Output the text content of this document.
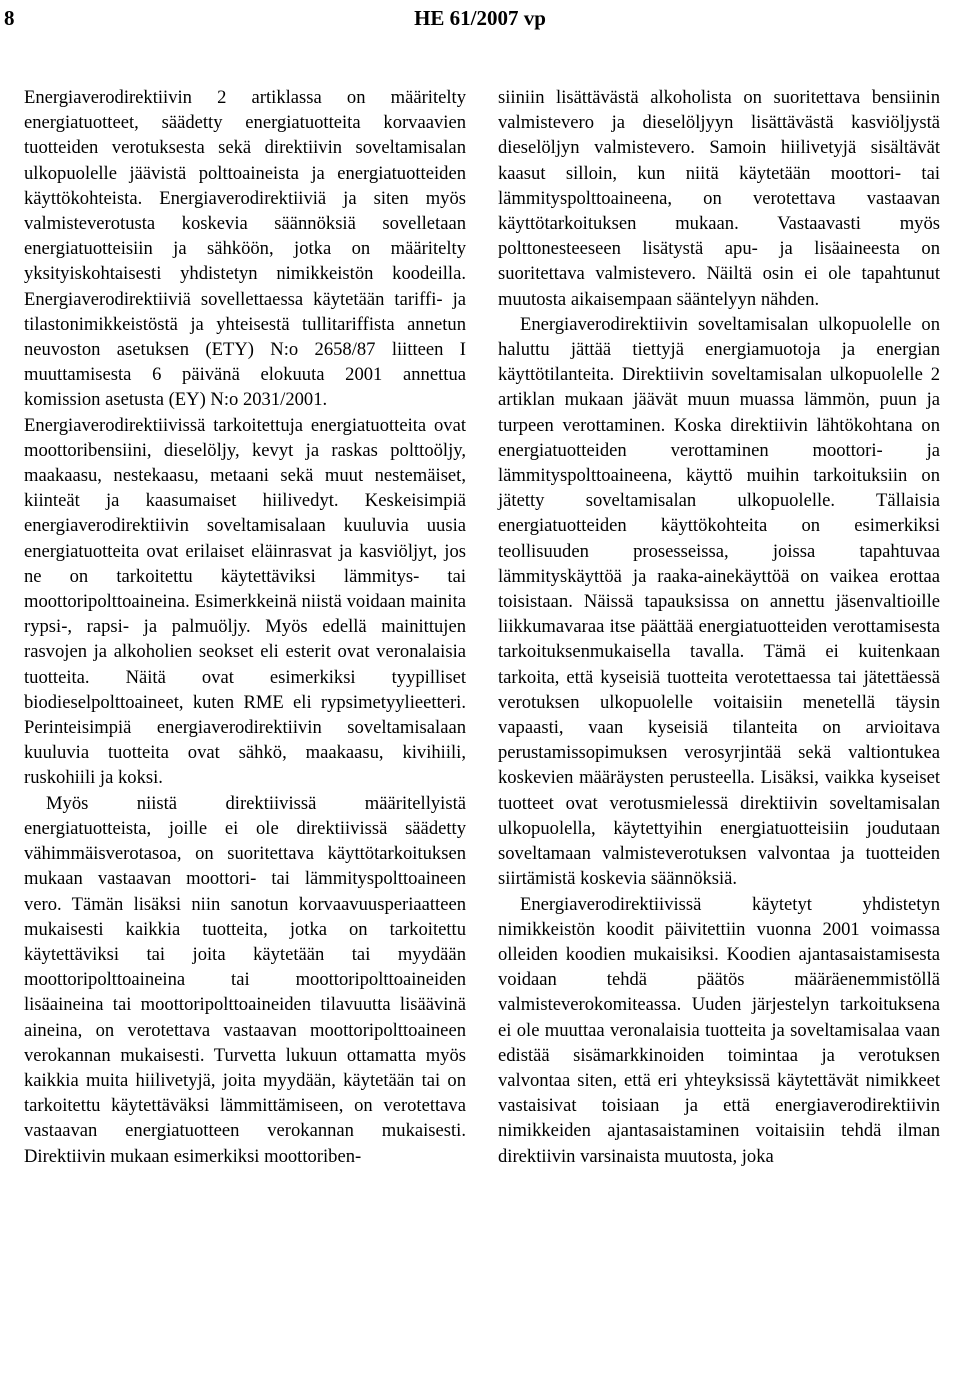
8	HE 61/2007 vp

Energiaverodirektiivin 2 artiklassa on määritelty energiatuotteet, säädetty energiatuotteita korvaavien tuotteiden verotuksesta sekä direktiivin soveltamisalan ulkopuolelle jäävistä polttoaineista ja energiatuotteiden käyttökohteista. Energiaverodirektiiviä ja siten myös valmisteverotusta koskevia säännöksiä sovelletaan energiatuotteisiin ja sähköön, jotka on määritelty yksityiskohtaisesti yhdistetyn nimikkeistön koodeilla. Energiaverodirektiiviä sovellettaessa käytetään tariffi- ja tilastonimikkeistöstä ja yhteisestä tullitariffista annetun neuvoston asetuksen (ETY) N:o 2658/87 liitteen I muuttamisesta 6 päivänä elokuuta 2001 annettua komission asetusta (EY) N:o 2031/2001.

Energiaverodirektiivissä tarkoitettuja energiatuotteita ovat moottoribensiini, dieselöljy, kevyt ja raskas polttoöljy, maakaasu, nestekaasu, metaani sekä muut nestemäiset, kiinteät ja kaasumaiset hiilivedyt. Keskeisimpiä energiaverodirektiivin soveltamisalaan kuuluvia uusia energiatuotteita ovat erilaiset eläinrasvat ja kasviöljyt, jos ne on tarkoitettu käytettäviksi lämmitys- tai moottoripolttoaineina. Esimerkkeinä niistä voidaan mainita rypsi-, rapsi- ja palmuöljy. Myös edellä mainittujen rasvojen ja alkoholien seokset eli esterit ovat veronalaisia tuotteita. Näitä ovat esimerkiksi tyypilliset biodieselpolttoaineet, kuten RME eli rypsimetyylieetteri. Perinteisimpiä energiaverodirektiivin soveltamisalaan kuuluvia tuotteita ovat sähkö, maakaasu, kivihiili, ruskohiili ja koksi.

Myös niistä direktiivissä määritellyistä energiatuotteista, joille ei ole direktiivissä säädetty vähimmäisverotasoa, on suoritettava käyttötarkoituksen mukaan vastaavan moottori- tai lämmityspolttoaineen vero. Tämän lisäksi niin sanotun korvaavuusperiaatteen mukaisesti kaikkia tuotteita, jotka on tarkoitettu käytettäviksi tai joita käytetään tai myydään moottoripolttoaineina tai moottoripolttoaineiden lisäaineina tai moottoripolttoaineiden tilavuutta lisäävinä aineina, on verotettava vastaavan moottoripolttoaineen verokannan mukaisesti. Turvetta lukuun ottamatta myös kaikkia muita hiilivetyjä, joita myydään, käytetään tai on tarkoitettu käytettäväksi lämmittämiseen, on verotettava vastaavan energiatuotteen verokannan mukaisesti. Direktiivin mukaan esimerkiksi moottoriben-

siiniin lisättävästä alkoholista on suoritettava bensiinin valmistevero ja dieselöljyyn lisättävästä kasviöljystä dieselöljyn valmistevero. Samoin hiilivetyjä sisältävät kaasut silloin, kun niitä käytetään moottori- tai lämmityspolttoaineena, on verotettava vastaavan käyttötarkoituksen mukaan. Vastaavasti myös polttonesteeseen lisätystä apu- ja lisäaineesta on suoritettava valmistevero. Näiltä osin ei ole tapahtunut muutosta aikaisempaan sääntelyyn nähden.

Energiaverodirektiivin soveltamisalan ulkopuolelle on haluttu jättää tiettyjä energiamuotoja ja energian käyttötilanteita. Direktiivin soveltamisalan ulkopuolelle 2 artiklan mukaan jäävät muun muassa lämmön, puun ja turpeen verottaminen. Koska direktiivin lähtökohtana on energiatuotteiden verottaminen moottori- ja lämmityspolttoaineena, käyttö muihin tarkoituksiin on jätetty soveltamisalan ulkopuolelle. Tällaisia energiatuotteiden käyttökohteita on esimerkiksi teollisuuden prosesseissa, joissa tapahtuvaa lämmityskäyttöä ja raaka-ainekäyttöä on vaikea erottaa toisistaan. Näissä tapauksissa on annettu jäsenvaltioille liikkumavaraa itse päättää energiatuotteiden verottamisesta tarkoituksenmukaisella tavalla. Tämä ei kuitenkaan tarkoita, että kyseisiä tuotteita verotettaessa tai jätettäessä verotuksen ulkopuolelle voitaisiin menetellä täysin vapaasti, vaan kyseisiä tilanteita on arvioitava perustamissopimuksen verosyrjintää sekä valtiontukea koskevien määräysten perusteella. Lisäksi, vaikka kyseiset tuotteet ovat verotusmielessä direktiivin soveltamisalan ulkopuolella, käytettyihin energiatuotteisiin joudutaan soveltamaan valmisteverotuksen valvontaa ja tuotteiden siirtämistä koskevia säännöksiä.

Energiaverodirektiivissä käytetyt yhdistetyn nimikkeistön koodit päivitettiin vuonna 2001 voimassa olleiden koodien mukaisiksi. Koodien ajantasaistamisesta voidaan tehdä päätös määräenemmistöllä valmisteverokomiteassa. Uuden järjestelyn tarkoituksena ei ole muuttaa veronalaisia tuotteita ja soveltamisalaa vaan edistää sisämarkkinoiden toimintaa ja verotuksen valvontaa siten, että eri yhteyksissä käytettävät nimikkeet vastaisivat toisiaan ja että energiaverodirektiivin nimikkeiden ajantasaistaminen voitaisiin tehdä ilman direktiivin varsinaista muutosta, joka
